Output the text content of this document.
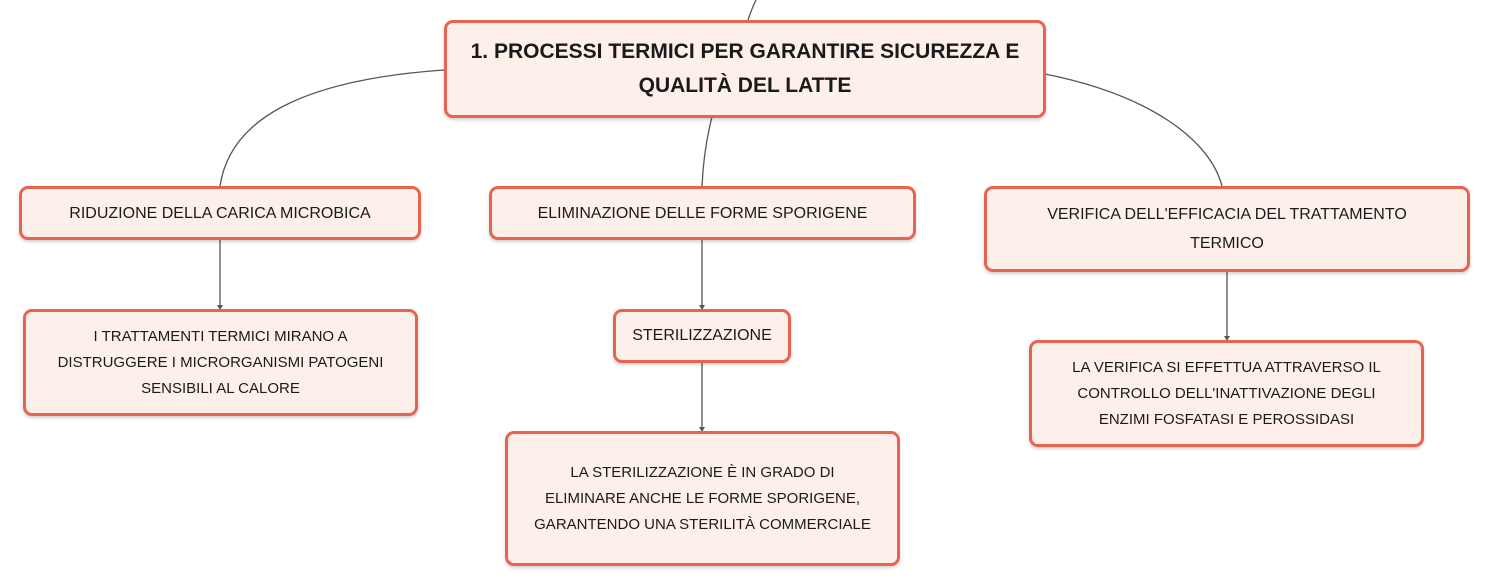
1. PROCESSI TERMICI PER GARANTIRE SICUREZZA E
QUALITÀ DEL LATTE
RIDUZIONE DELLA CARICA MICROBICA	ELIMINAZIONE DELLE FORME SPORIGENE	VERIFICA DELL'EFFICACIA DEL TRATTAMENTO
TERMICO
I TRATTAMENTI TERMICI MIRANO A
DISTRUGGERE I MICRORGANISMI PATOGENI
SENSIBILI AL CALORE
STERILIZZAZIONE
LA STERILIZZAZIONE È IN GRADO DI
ELIMINARE ANCHE LE FORME SPORIGENE,
GARANTENDO UNA STERILITÀ COMMERCIALE
LA VERIFICA SI EFFETTUA ATTRAVERSO IL
CONTROLLO DELL'INATTIVAZIONE DEGLI
ENZIMI FOSFATASI E PEROSSIDASI
